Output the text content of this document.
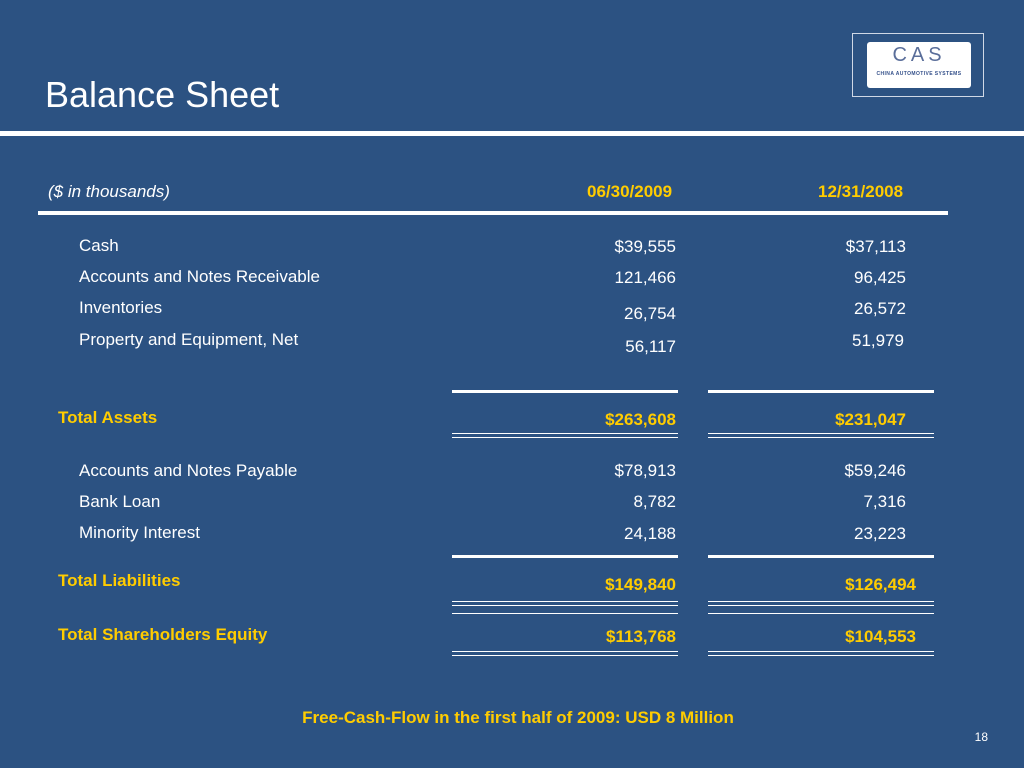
Balance Sheet
CAS
CHINA AUTOMOTIVE SYSTEMS
($ in thousands)	06/30/2009	12/31/2008
Cash	$39,555	$37,113
Accounts and Notes Receivable	121,466	96,425
Inventories	26,754	26,572
Property and Equipment, Net	56,117	51,979
Total Assets	$263,608	$231,047
Accounts and Notes Payable	$78,913	$59,246
Bank Loan	8,782	7,316
Minority Interest	24,188	23,223
Total Liabilities	$149,840	$126,494
Total Shareholders Equity	$113,768	$104,553
Free-Cash-Flow in the first half of 2009: USD 8 Million
18
